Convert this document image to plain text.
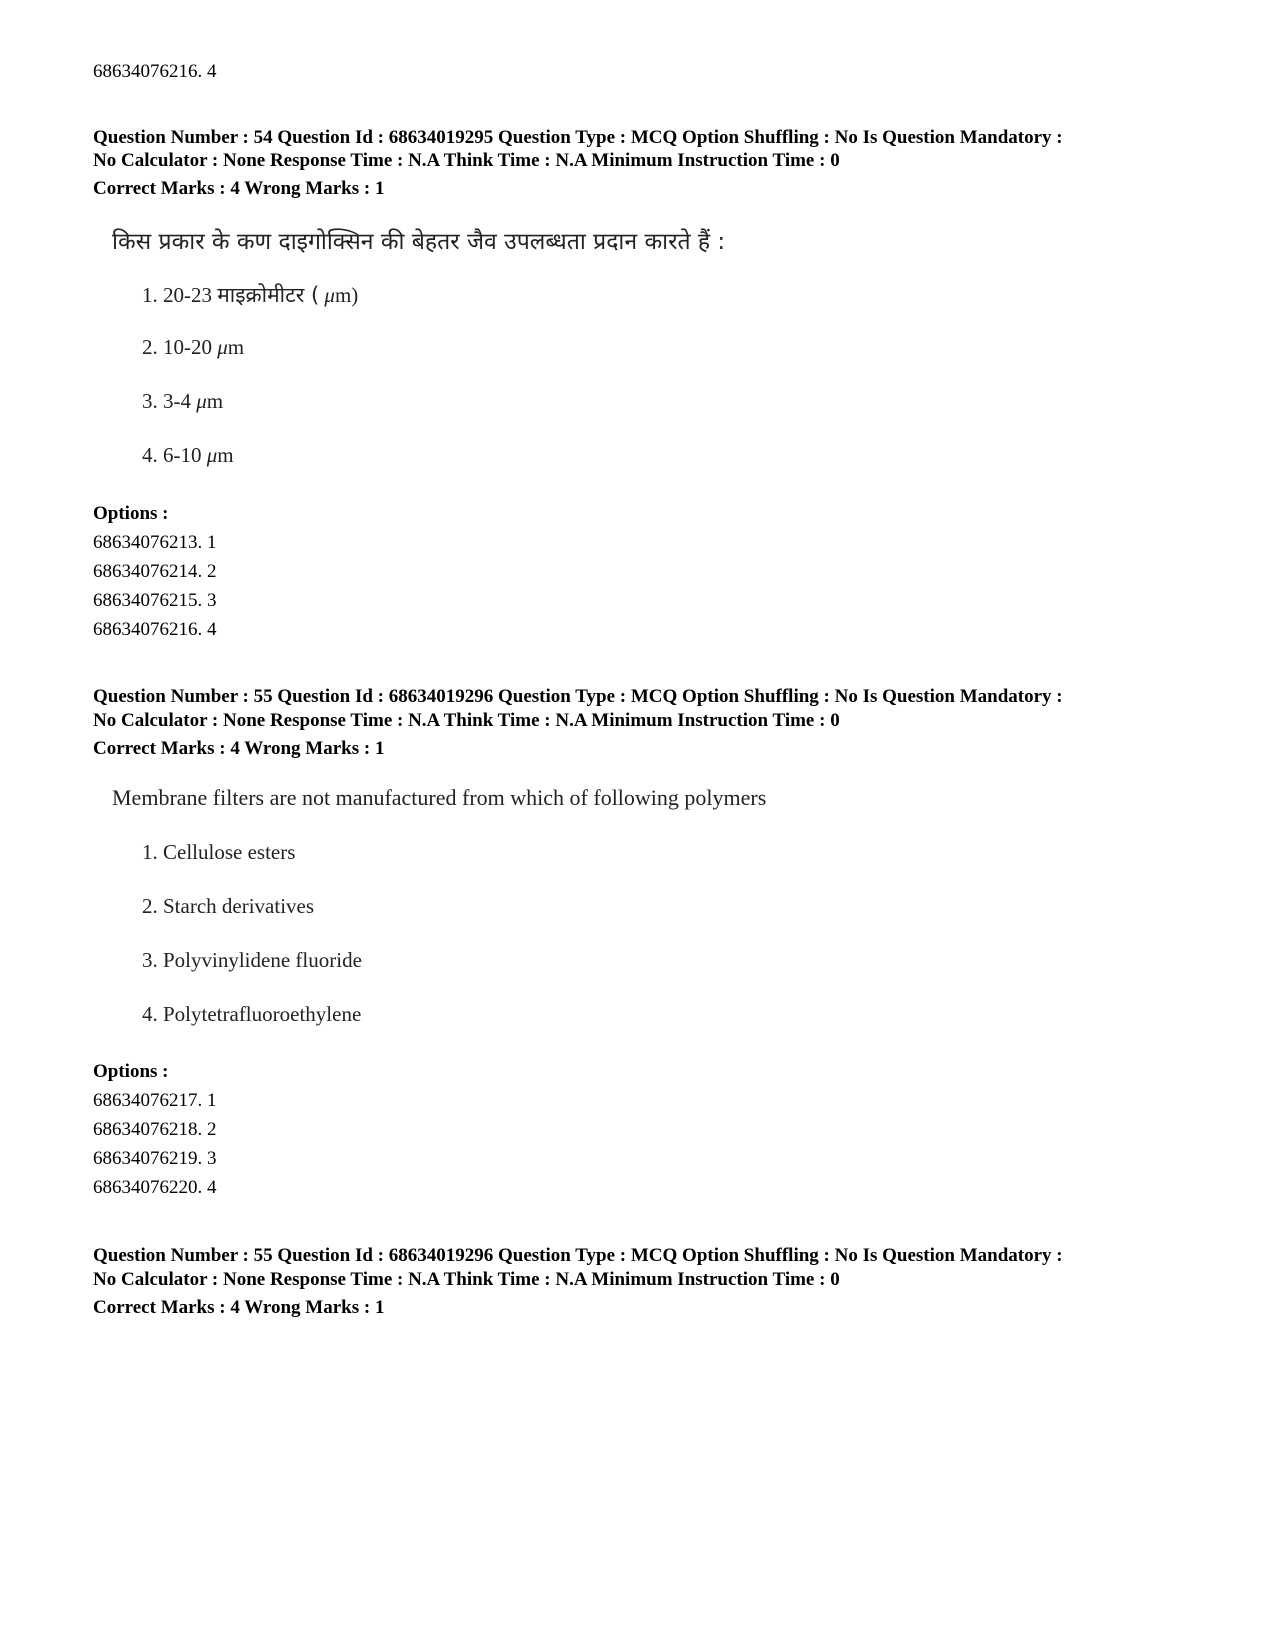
68634076216. 4
Question Number : 54 Question Id : 68634019295 Question Type : MCQ Option Shuffling : No Is Question Mandatory :
No Calculator : None Response Time : N.A Think Time : N.A Minimum Instruction Time : 0
Correct Marks : 4 Wrong Marks : 1
किस प्रकार के कण दाइगोक्सिन की बेहतर जैव उपलब्धता प्रदान कारते हैं :
1. 20-23 माइक्रोमीटर ( μm)
2. 10-20 μm
3. 3-4 μm
4. 6-10 μm
Options :
68634076213. 1
68634076214. 2
68634076215. 3
68634076216. 4
Question Number : 55 Question Id : 68634019296 Question Type : MCQ Option Shuffling : No Is Question Mandatory :
No Calculator : None Response Time : N.A Think Time : N.A Minimum Instruction Time : 0
Correct Marks : 4 Wrong Marks : 1
Membrane filters are not manufactured from which of following polymers
1. Cellulose esters
2. Starch derivatives
3. Polyvinylidene fluoride
4. Polytetrafluoroethylene
Options :
68634076217. 1
68634076218. 2
68634076219. 3
68634076220. 4
Question Number : 55 Question Id : 68634019296 Question Type : MCQ Option Shuffling : No Is Question Mandatory :
No Calculator : None Response Time : N.A Think Time : N.A Minimum Instruction Time : 0
Correct Marks : 4 Wrong Marks : 1
